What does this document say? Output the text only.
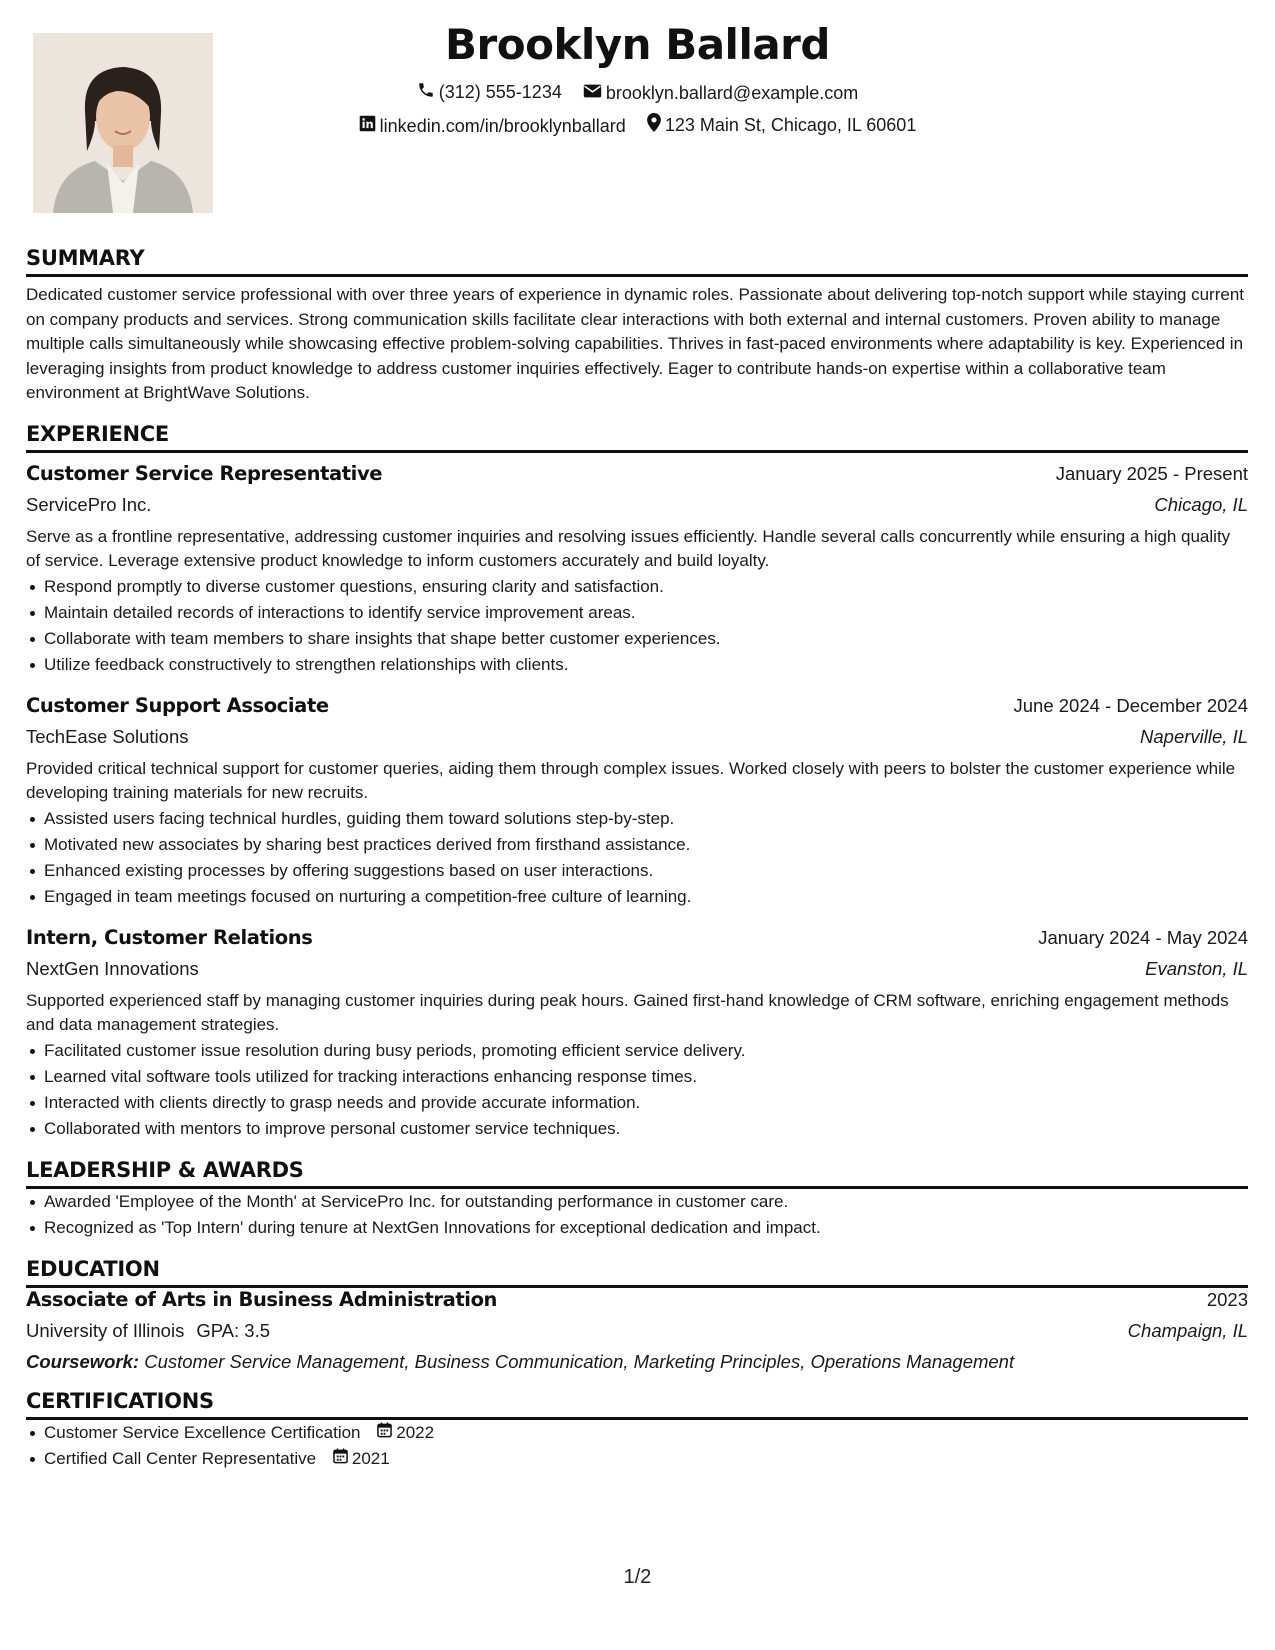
Brooklyn Ballard
(312) 555-1234
brooklyn.ballard@example.com
linkedin.com/in/brooklynballard
123 Main St, Chicago, IL 60601
SUMMARY

Dedicated customer service professional with over three years of experience in dynamic roles. Passionate about delivering top-notch support while staying current on company products and services. Strong communication skills facilitate clear interactions with both external and internal customers. Proven ability to manage multiple calls simultaneously while showcasing effective problem-solving capabilities. Thrives in fast-paced environments where adaptability is key. Experienced in leveraging insights from product knowledge to address customer inquiries effectively. Eager to contribute hands-on expertise within a collaborative team environment at BrightWave Solutions.

EXPERIENCE
Customer Service Representative	January 2025 - Present
ServicePro Inc.	Chicago, IL

Serve as a frontline representative, addressing customer inquiries and resolving issues efficiently. Handle several calls concurrently while ensuring a high quality of service. Leverage extensive product knowledge to inform customers accurately and build loyalty.

Respond promptly to diverse customer questions, ensuring clarity and satisfaction.
Maintain detailed records of interactions to identify service improvement areas.
Collaborate with team members to share insights that shape better customer experiences.
Utilize feedback constructively to strengthen relationships with clients.
Customer Support Associate	June 2024 - December 2024
TechEase Solutions	Naperville, IL

Provided critical technical support for customer queries, aiding them through complex issues. Worked closely with peers to bolster the customer experience while developing training materials for new recruits.

Assisted users facing technical hurdles, guiding them toward solutions step-by-step.
Motivated new associates by sharing best practices derived from firsthand assistance.
Enhanced existing processes by offering suggestions based on user interactions.
Engaged in team meetings focused on nurturing a competition-free culture of learning.
Intern, Customer Relations	January 2024 - May 2024
NextGen Innovations	Evanston, IL

Supported experienced staff by managing customer inquiries during peak hours. Gained first-hand knowledge of CRM software, enriching engagement methods and data management strategies.

Facilitated customer issue resolution during busy periods, promoting efficient service delivery.
Learned vital software tools utilized for tracking interactions enhancing response times.
Interacted with clients directly to grasp needs and provide accurate information.
Collaborated with mentors to improve personal customer service techniques.
LEADERSHIP & AWARDS
Awarded 'Employee of the Month' at ServicePro Inc. for outstanding performance in customer care.
Recognized as 'Top Intern' during tenure at NextGen Innovations for exceptional dedication and impact.
EDUCATION
Associate of Arts in Business Administration	2023
University of Illinois GPA: 3.5	Champaign, IL
Coursework: Customer Service Management, Business Communication, Marketing Principles, Operations Management
CERTIFICATIONS
Customer Service Excellence Certification 2022
Certified Call Center Representative 2021
1/2
